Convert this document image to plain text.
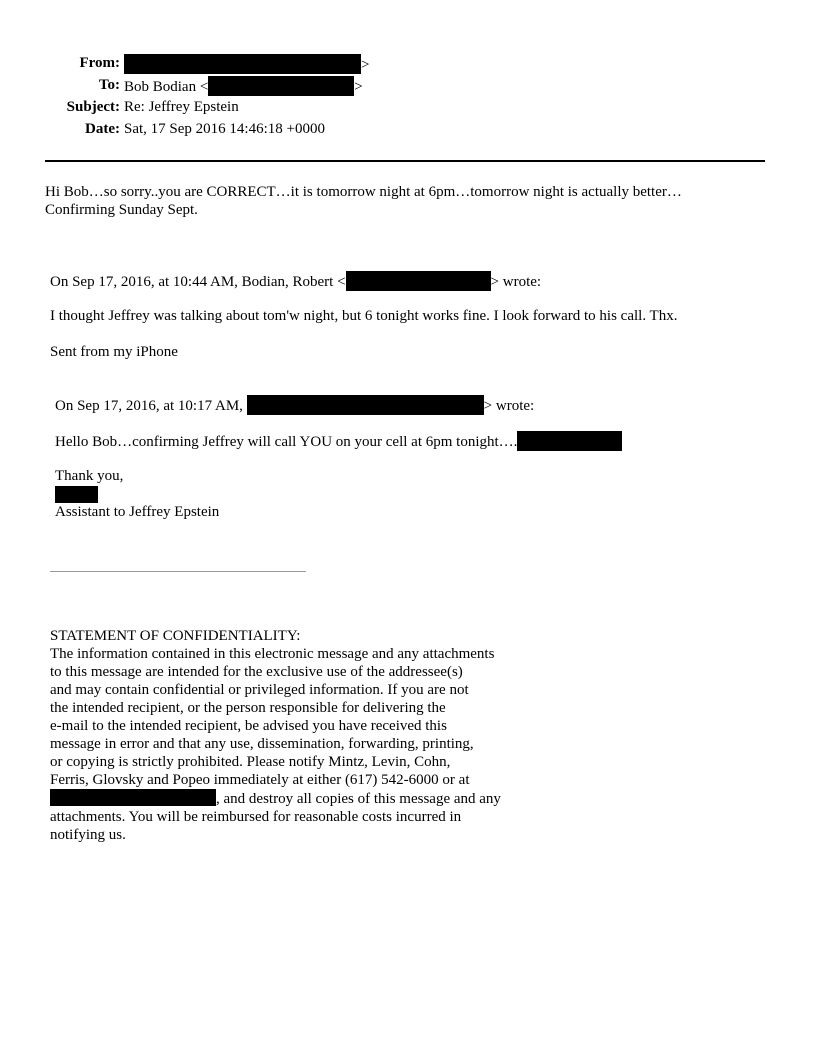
From:	>
To: Bob Bodian <	>
Subject: Re: Jeffrey Epstein
Date: Sat, 17 Sep 2016 14:46:18 +0000
Hi Bob…so sorry..you are CORRECT…it is tomorrow night at 6pm…tomorrow night is actually better…
Confirming Sunday Sept.
On Sep 17, 2016, at 10:44 AM, Bodian, Robert <	> wrote:
I thought Jeffrey was talking about tom'w night, but 6 tonight works fine. I look forward to his call. Thx.
Sent from my iPhone
On Sep 17, 2016, at 10:17 AM,	> wrote:
Hello Bob…confirming Jeffrey will call YOU on your cell at 6pm tonight….
Thank you,
Assistant to Jeffrey Epstein
STATEMENT OF CONFIDENTIALITY:
The information contained in this electronic message and any attachments
to this message are intended for the exclusive use of the addressee(s)
and may contain confidential or privileged information. If you are not
the intended recipient, or the person responsible for delivering the
e-mail to the intended recipient, be advised you have received this
message in error and that any use, dissemination, forwarding, printing,
or copying is strictly prohibited. Please notify Mintz, Levin, Cohn,
Ferris, Glovsky and Popeo immediately at either (617) 542-6000 or at
, and destroy all copies of this message and any
attachments. You will be reimbursed for reasonable costs incurred in
notifying us.
